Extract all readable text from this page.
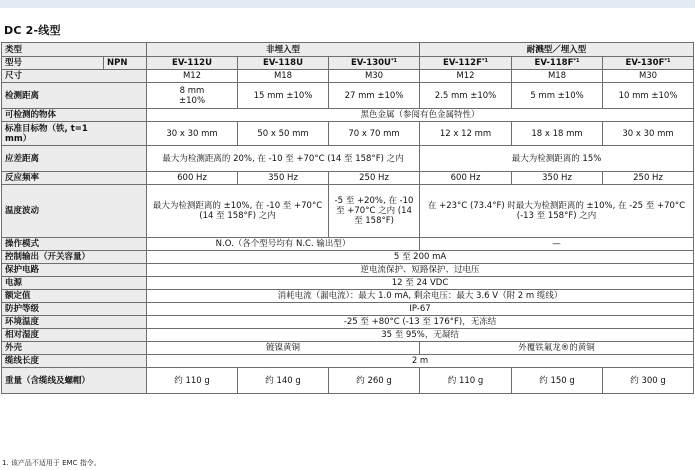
DC 2-线型
类型		非埋入型			耐溅型／埋入型		
型号	NPN	EV-112U	EV-118U	$EV-130U^{*1}$	$EV-112F^{*1}$	$EV-118F^{*1}$	$EV-130F^{*1}$
尺寸		M12	M18	M30	M12	M18	M30
检测距离		8 mm ±10%	15 mm ±10%	27 mm ±10%	2.5 mm ±10%	5 mm ±10%	10 mm ±10%
可检测的物体		黑色金属（参阅有色金属特性）					
标准目标物（铁, t=1 mm）		30 x 30 mm	50 x 50 mm	70 x 70 mm	12 x 12 mm	18 x 18 mm	30 x 30 mm
应差距离		最大为检测距离的 20%, 在 -10 至 +70°C (14 至 158°F) 之内			最大为检测距离的 15%		
反应频率		600 Hz	350 Hz	250 Hz	600 Hz	350 Hz	250 Hz
温度波动		最大为检测距离的 ±10%, 在 -10 至 +70°C (14 至 158°F) 之内		-5 至 +20%, 在 -10 至 +70°C 之内 (14 至 158°F)	在 +23°C (73.4°F) 时最大为检测距离的 ±10%, 在 -25 至 +70°C (-13 至 158°F) 之内		
操作模式		N.O.（各个型号均有 N.C. 输出型）			—		
控制输出（开关容量）		5 至 200 mA					
保护电路		逆电流保护、短路保护、过电压					
电源		12 至 24 VDC					
额定值		消耗电流（漏电流）：最大 1.0 mA, 剩余电压：最大 3.6 V（附 2 m 缆线）					
防护等级		IP-67					
环境温度		-25 至 +80°C (-13 至 176°F)，无冻结					
相对湿度		35 至 95%，无凝结					
外壳		镀镍黄铜			外覆铁氟龙®的黄铜		
缆线长度		2 m					
重量（含缆线及螺帽）		约 110 g	约 140 g	约 260 g	约 110 g	约 150 g	约 300 g
1. 该产品不适用于 EMC 指令。
